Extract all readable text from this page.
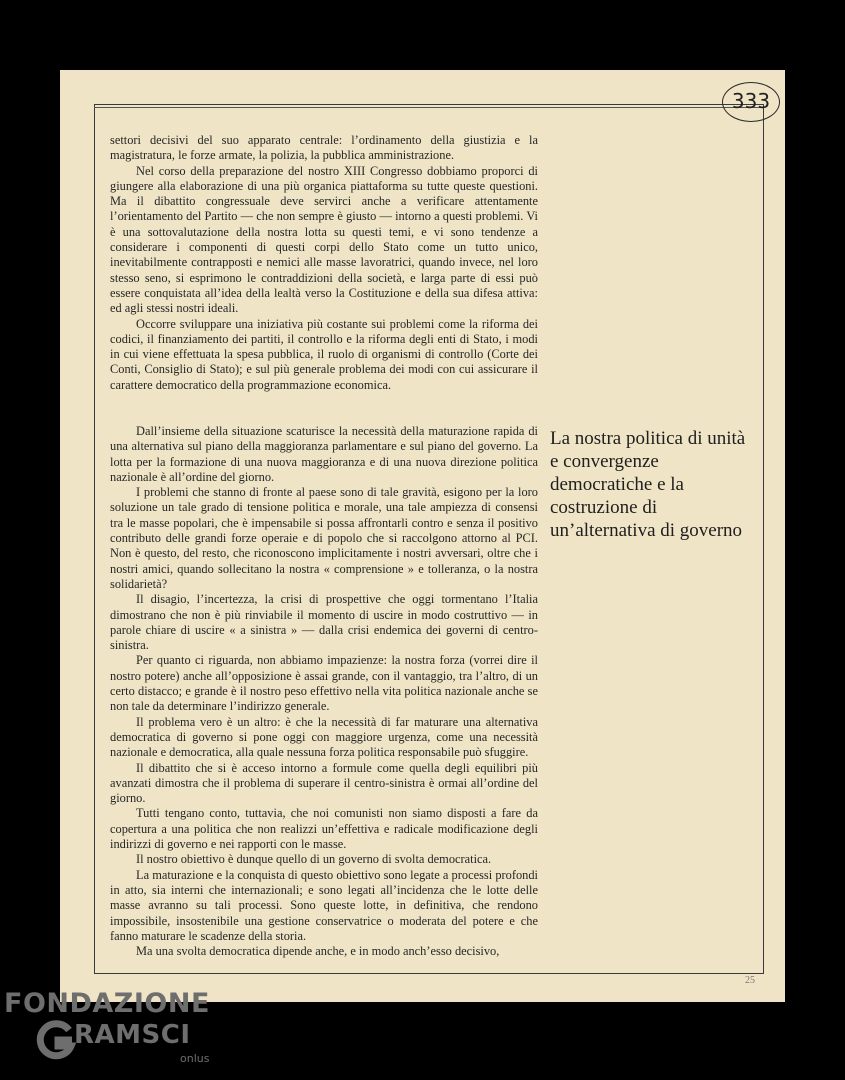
333

settori decisivi del suo apparato centrale: l’ordinamento della giustizia e la magistratura, le forze armate, la polizia, la pubblica amministrazione.

Nel corso della preparazione del nostro XIII Congresso dobbiamo proporci di giungere alla elaborazione di una più organica piattaforma su tutte queste questioni. Ma il dibattito congressuale deve servirci anche a verificare attentamente l’orientamento del Partito — che non sempre è giusto — intorno a questi problemi. Vi è una sottovalutazione della nostra lotta su questi temi, e vi sono tendenze a considerare i componenti di questi corpi dello Stato come un tutto unico, inevitabilmente contrapposti e nemici alle masse lavoratrici, quando invece, nel loro stesso seno, si esprimono le contraddizioni della società, e larga parte di essi può essere conquistata all’idea della lealtà verso la Costituzione e della sua difesa attiva: ed agli stessi nostri ideali.

Occorre sviluppare una iniziativa più costante sui problemi come la riforma dei codici, il finanziamento dei partiti, il controllo e la riforma degli enti di Stato, i modi in cui viene effettuata la spesa pubblica, il ruolo di organismi di controllo (Corte dei Conti, Consiglio di Stato); e sul più generale problema dei modi con cui assicurare il carattere democratico della programmazione economica.

La nostra politica di unità e convergenze democratiche e la costruzione di un’alternativa di governo

Dall’insieme della situazione scaturisce la necessità della maturazione rapida di una alternativa sul piano della maggioranza parlamentare e sul piano del governo. La lotta per la formazione di una nuova maggioranza e di una nuova direzione politica nazionale è all’ordine del giorno.

I problemi che stanno di fronte al paese sono di tale gravità, esigono per la loro soluzione un tale grado di tensione politica e morale, una tale ampiezza di consensi tra le masse popolari, che è impensabile si possa affrontarli contro e senza il positivo contributo delle grandi forze operaie e di popolo che si raccolgono attorno al PCI. Non è questo, del resto, che riconoscono implicitamente i nostri avversari, oltre che i nostri amici, quando sollecitano la nostra « comprensione » e tolleranza, o la nostra solidarietà?

Il disagio, l’incertezza, la crisi di prospettive che oggi tormentano l’Italia dimostrano che non è più rinviabile il momento di uscire in modo costruttivo — in parole chiare di uscire « a sinistra » — dalla crisi endemica dei governi di centro-sinistra.

Per quanto ci riguarda, non abbiamo impazienze: la nostra forza (vorrei dire il nostro potere) anche all’opposizione è assai grande, con il vantaggio, tra l’altro, di un certo distacco; e grande è il nostro peso effettivo nella vita politica nazionale anche se non tale da determinare l’indirizzo generale.

Il problema vero è un altro: è che la necessità di far maturare una alternativa democratica di governo si pone oggi con maggiore urgenza, come una necessità nazionale e democratica, alla quale nessuna forza politica responsabile può sfuggire.

Il dibattito che si è acceso intorno a formule come quella degli equilibri più avanzati dimostra che il problema di superare il centro-sinistra è ormai all’ordine del giorno.

Tutti tengano conto, tuttavia, che noi comunisti non siamo disposti a fare da copertura a una politica che non realizzi un’effettiva e radicale modificazione degli indirizzi di governo e nei rapporti con le masse.

Il nostro obiettivo è dunque quello di un governo di svolta democratica.

La maturazione e la conquista di questo obiettivo sono legate a processi profondi in atto, sia interni che internazionali; e sono legati all’incidenza che le lotte delle masse avranno su tali processi. Sono queste lotte, in definitiva, che rendono impossibile, insostenibile una gestione conservatrice o moderata del potere e che fanno maturare le scadenze della storia.

Ma una svolta democratica dipende anche, e in modo anch’esso decisivo,

25
FONDAZIONE
RAMSCI
onlus
